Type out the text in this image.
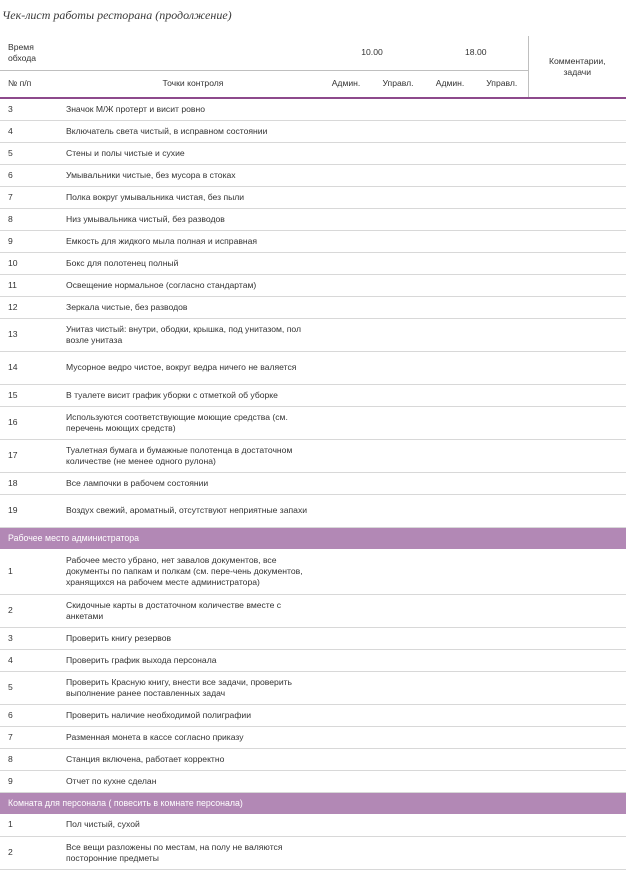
Чек-лист работы ресторана (продолжение)
Время обхода		10.00		18.00		Комментарии, задачи
№ п/п	Точки контроля	Админ.	Управл.	Админ.	Управл.	
3	Значок М/Ж протерт и висит ровно					
4	Включатель света чистый, в исправном состоянии					
5	Стены и полы чистые и сухие					
6	Умывальники чистые, без мусора в стоках					
7	Полка вокруг умывальника чистая, без пыли					
8	Низ умывальника чистый, без разводов					
9	Емкость для жидкого мыла полная и исправная					
10	Бокс для полотенец полный					
11	Освещение нормальное (согласно стандартам)					
12	Зеркала чистые, без разводов					
13	Унитаз чистый: внутри, ободки, крышка, под унитазом, пол возле унитаза					
14	Мусорное ведро чистое, вокруг ведра ничего не валяется					
15	В туалете висит график уборки с отметкой об уборке					
16	Используются соответствующие моющие средства (см. перечень моющих средств)					
17	Туалетная бумага и бумажные полотенца в достаточном количестве (не менее одного рулона)					
18	Все лампочки в рабочем состоянии					
19	Воздух свежий, ароматный, отсутствуют неприятные запахи					
Рабочее место администратора						
1	Рабочее место убрано, нет завалов документов, все документы по папкам и полкам (см. пере-чень документов, хранящихся на рабочем месте администратора)					
2	Скидочные карты в достаточном количестве вместе с анкетами					
3	Проверить книгу резервов					
4	Проверить график выхода персонала					
5	Проверить Красную книгу, внести все задачи, проверить выполнение ранее поставленных задач					
6	Проверить наличие необходимой полиграфии					
7	Разменная монета в кассе согласно приказу					
8	Станция включена, работает корректно					
9	Отчет по кухне сделан					
Комната для персонала ( повесить в комнате персонала)						
1	Пол чистый, сухой					
2	Все вещи разложены по местам, на полу не валяются посторонние предметы					
